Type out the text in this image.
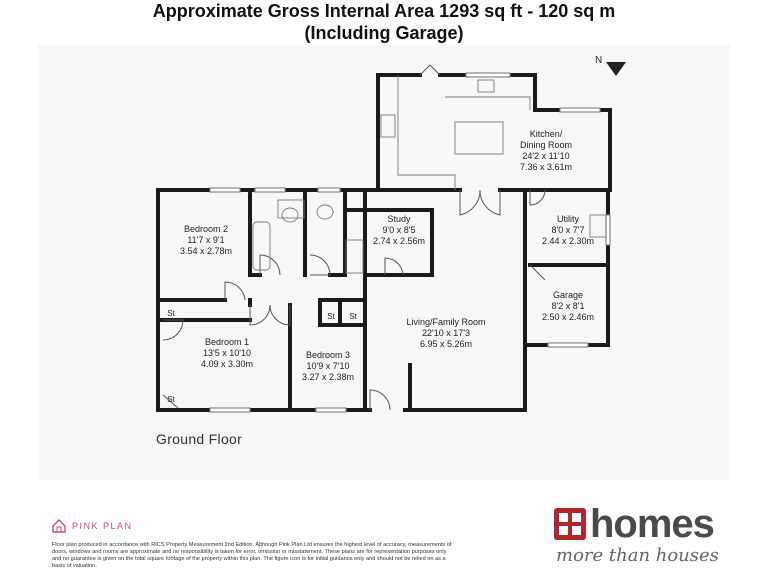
Approximate Gross Internal Area 1293 sq ft - 120 sq m
(Including Garage)
St
St
St St
N
Kitchen/ Dining Room 24'2 x 11'10 7.36 x 3.61m
Study 9'0 x 8'5 2.74 x 2.56m
Bedroom 2 11'7 x 9'1 3.54 x 2.78m
Utility 8'0 x 7'7 2.44 x 2.30m
Garage 8'2 x 8'1 2.50 x 2.46m
Living/Family Room 22'10 x 17'3 6.95 x 5.26m
Bedroom 1 13'5 x 10'10 4.09 x 3.30m
Bedroom 3 10'9 x 7'10 3.27 x 2.38m
Ground Floor
PINK PLAN
Floor plan produced in accordance with RICS Property Measurement 2nd Edition. Although Pink Plan Ltd ensures the highest level of accuracy, measurements of doors, windows and rooms are approximate and no responsibility is taken for error, omission or misstatement. These plans are for representation purposes only and no guarantee is given on the total square footage of the property within this plan. The figure icon is for initial guidance only and should not be relied on as a basis of valuation.
homes
more than houses
